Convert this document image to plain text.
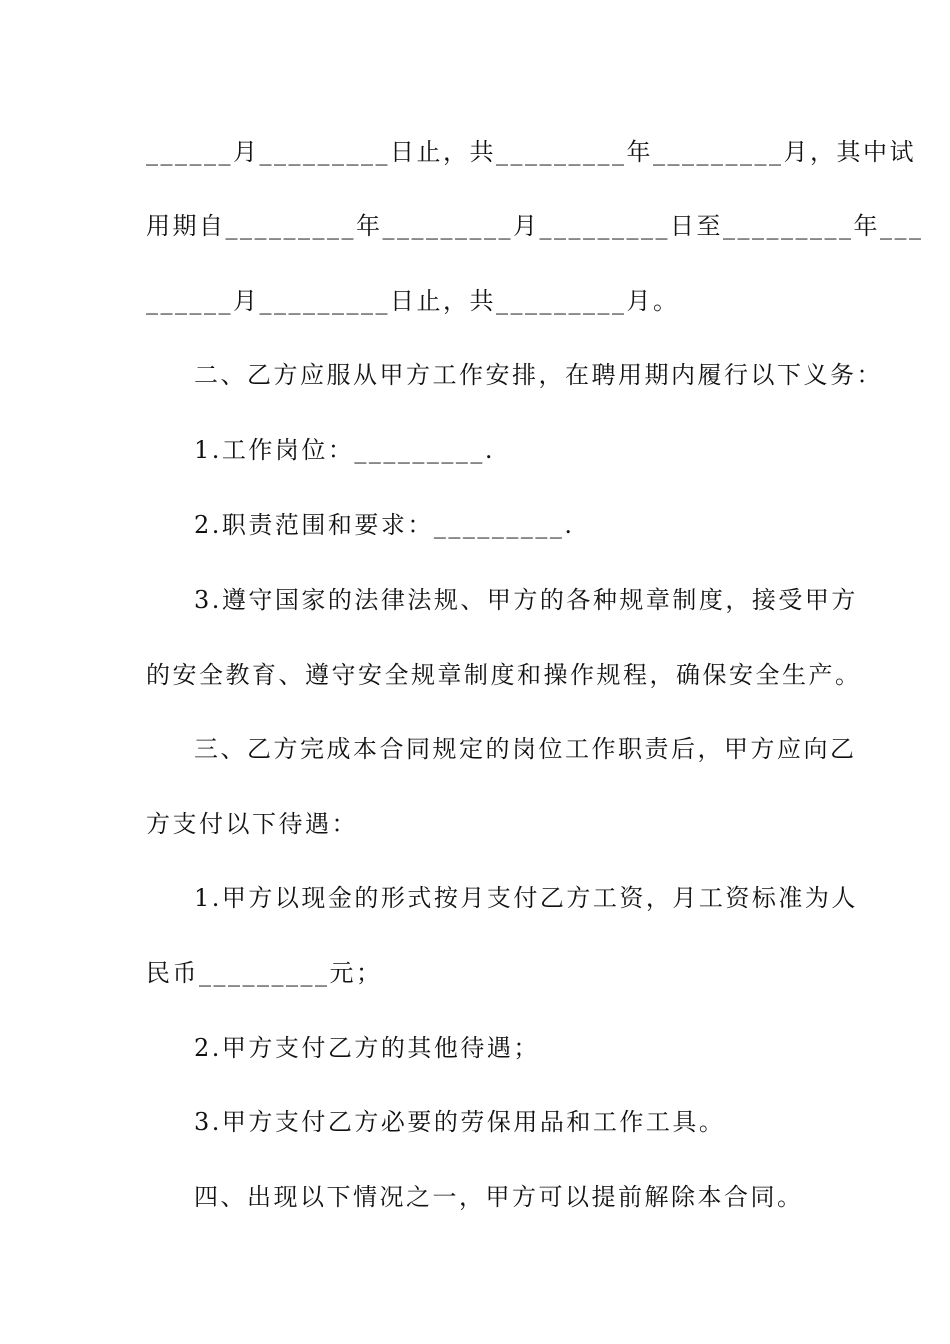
______月_________日止，共_________年_________月，其中试
用期自_________年_________月_________日至_________年___
______月_________日止，共_________月。
二、乙方应服从甲方工作安排，在聘用期内履行以下义务：
1.工作岗位：_________.
2.职责范围和要求：_________.
3.遵守国家的法律法规、甲方的各种规章制度，接受甲方
的安全教育、遵守安全规章制度和操作规程，确保安全生产。
三、乙方完成本合同规定的岗位工作职责后，甲方应向乙
方支付以下待遇：
1.甲方以现金的形式按月支付乙方工资，月工资标准为人
民币_________元；
2.甲方支付乙方的其他待遇；
3.甲方支付乙方必要的劳保用品和工作工具。
四、出现以下情况之一，甲方可以提前解除本合同。
